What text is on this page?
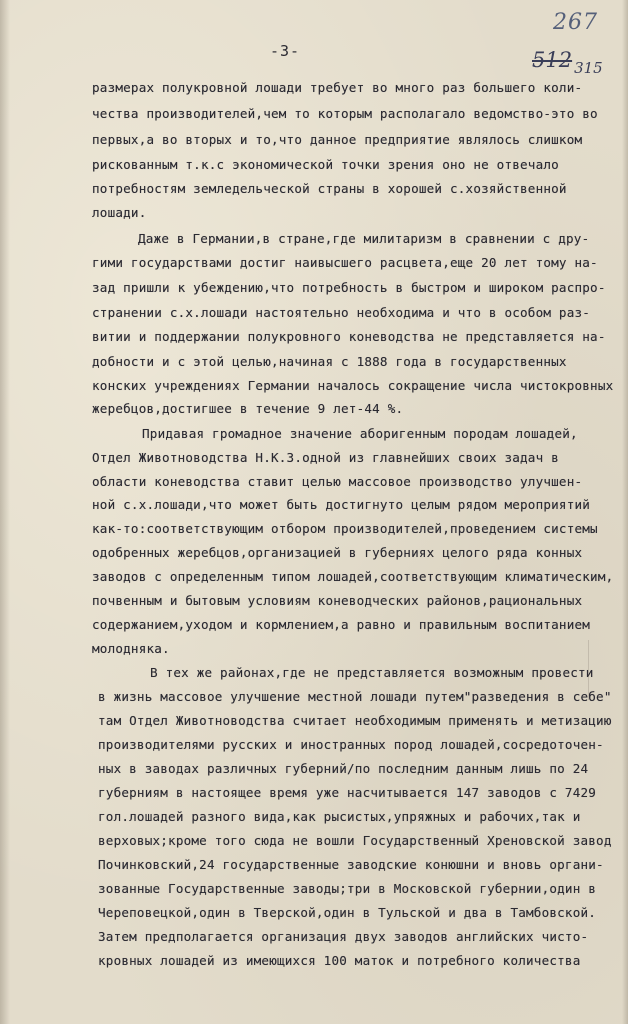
267
-3-	512 315
размерах полукровной лошади требует во много раз большего коли-
чества производителей,чем то которым располагало ведомство-это во
первых,а во вторых и то,что данное предприятие являлось слишком
рискованным т.к.с экономической точки зрения оно не отвечало
потребностям земледельческой страны в хорошей с.хозяйственной
лошади.
Даже в Германии,в стране,где милитаризм в сравнении с дру-
гими государствами достиг наивысшего расцвета,еще 20 лет тому на-
зад пришли к убеждению,что потребность в быстром и широком распро-
странении с.х.лошади настоятельно необходима и что в особом раз-
витии и поддержании полукровного коневодства не представляется на-
добности и с этой целью,начиная с 1888 года в государственных
конских учреждениях Германии началось сокращение числа чистокровных
жеребцов,достигшее в течение 9 лет-44 %.
Придавая громадное значение аборигенным породам лошадей,
Отдел Животноводства Н.К.З.одной из главнейших своих задач в
области коневодства ставит целью массовое производство улучшен-
ной с.х.лошади,что может быть достигнуто целым рядом мероприятий
как-то:соответствующим отбором производителей,проведением системы
одобренных жеребцов,организацией в губерниях целого ряда конных
заводов с определенным типом лошадей,соответствующим климатическим,
почвенным и бытовым условиям коневодческих районов,рациональных
содержанием,уходом и кормлением,а равно и правильным воспитанием
молодняка.
В тех же районах,где не представляется возможным провести
в жизнь массовое улучшение местной лошади путем"разведения в себе"
там Отдел Животноводства считает необходимым применять и метизацию
производителями русских и иностранных пород лошадей,сосредоточен-
ных в заводах различных губерний/по последним данным лишь по 24
губерниям в настоящее время уже насчитывается 147 заводов с 7429
гол.лошадей разного вида,как рысистых,упряжных и рабочих,так и
верховых;кроме того сюда не вошли Государственный Хреновской завод
Починковский,24 государственные заводские конюшни и вновь органи-
зованные Государственные заводы;три в Московской губернии,один в
Череповецкой,один в Тверской,один в Тульской и два в Тамбовской.
Затем предполагается организация двух заводов английских чисто-
кровных лошадей из имеющихся 100 маток и потребного количества
